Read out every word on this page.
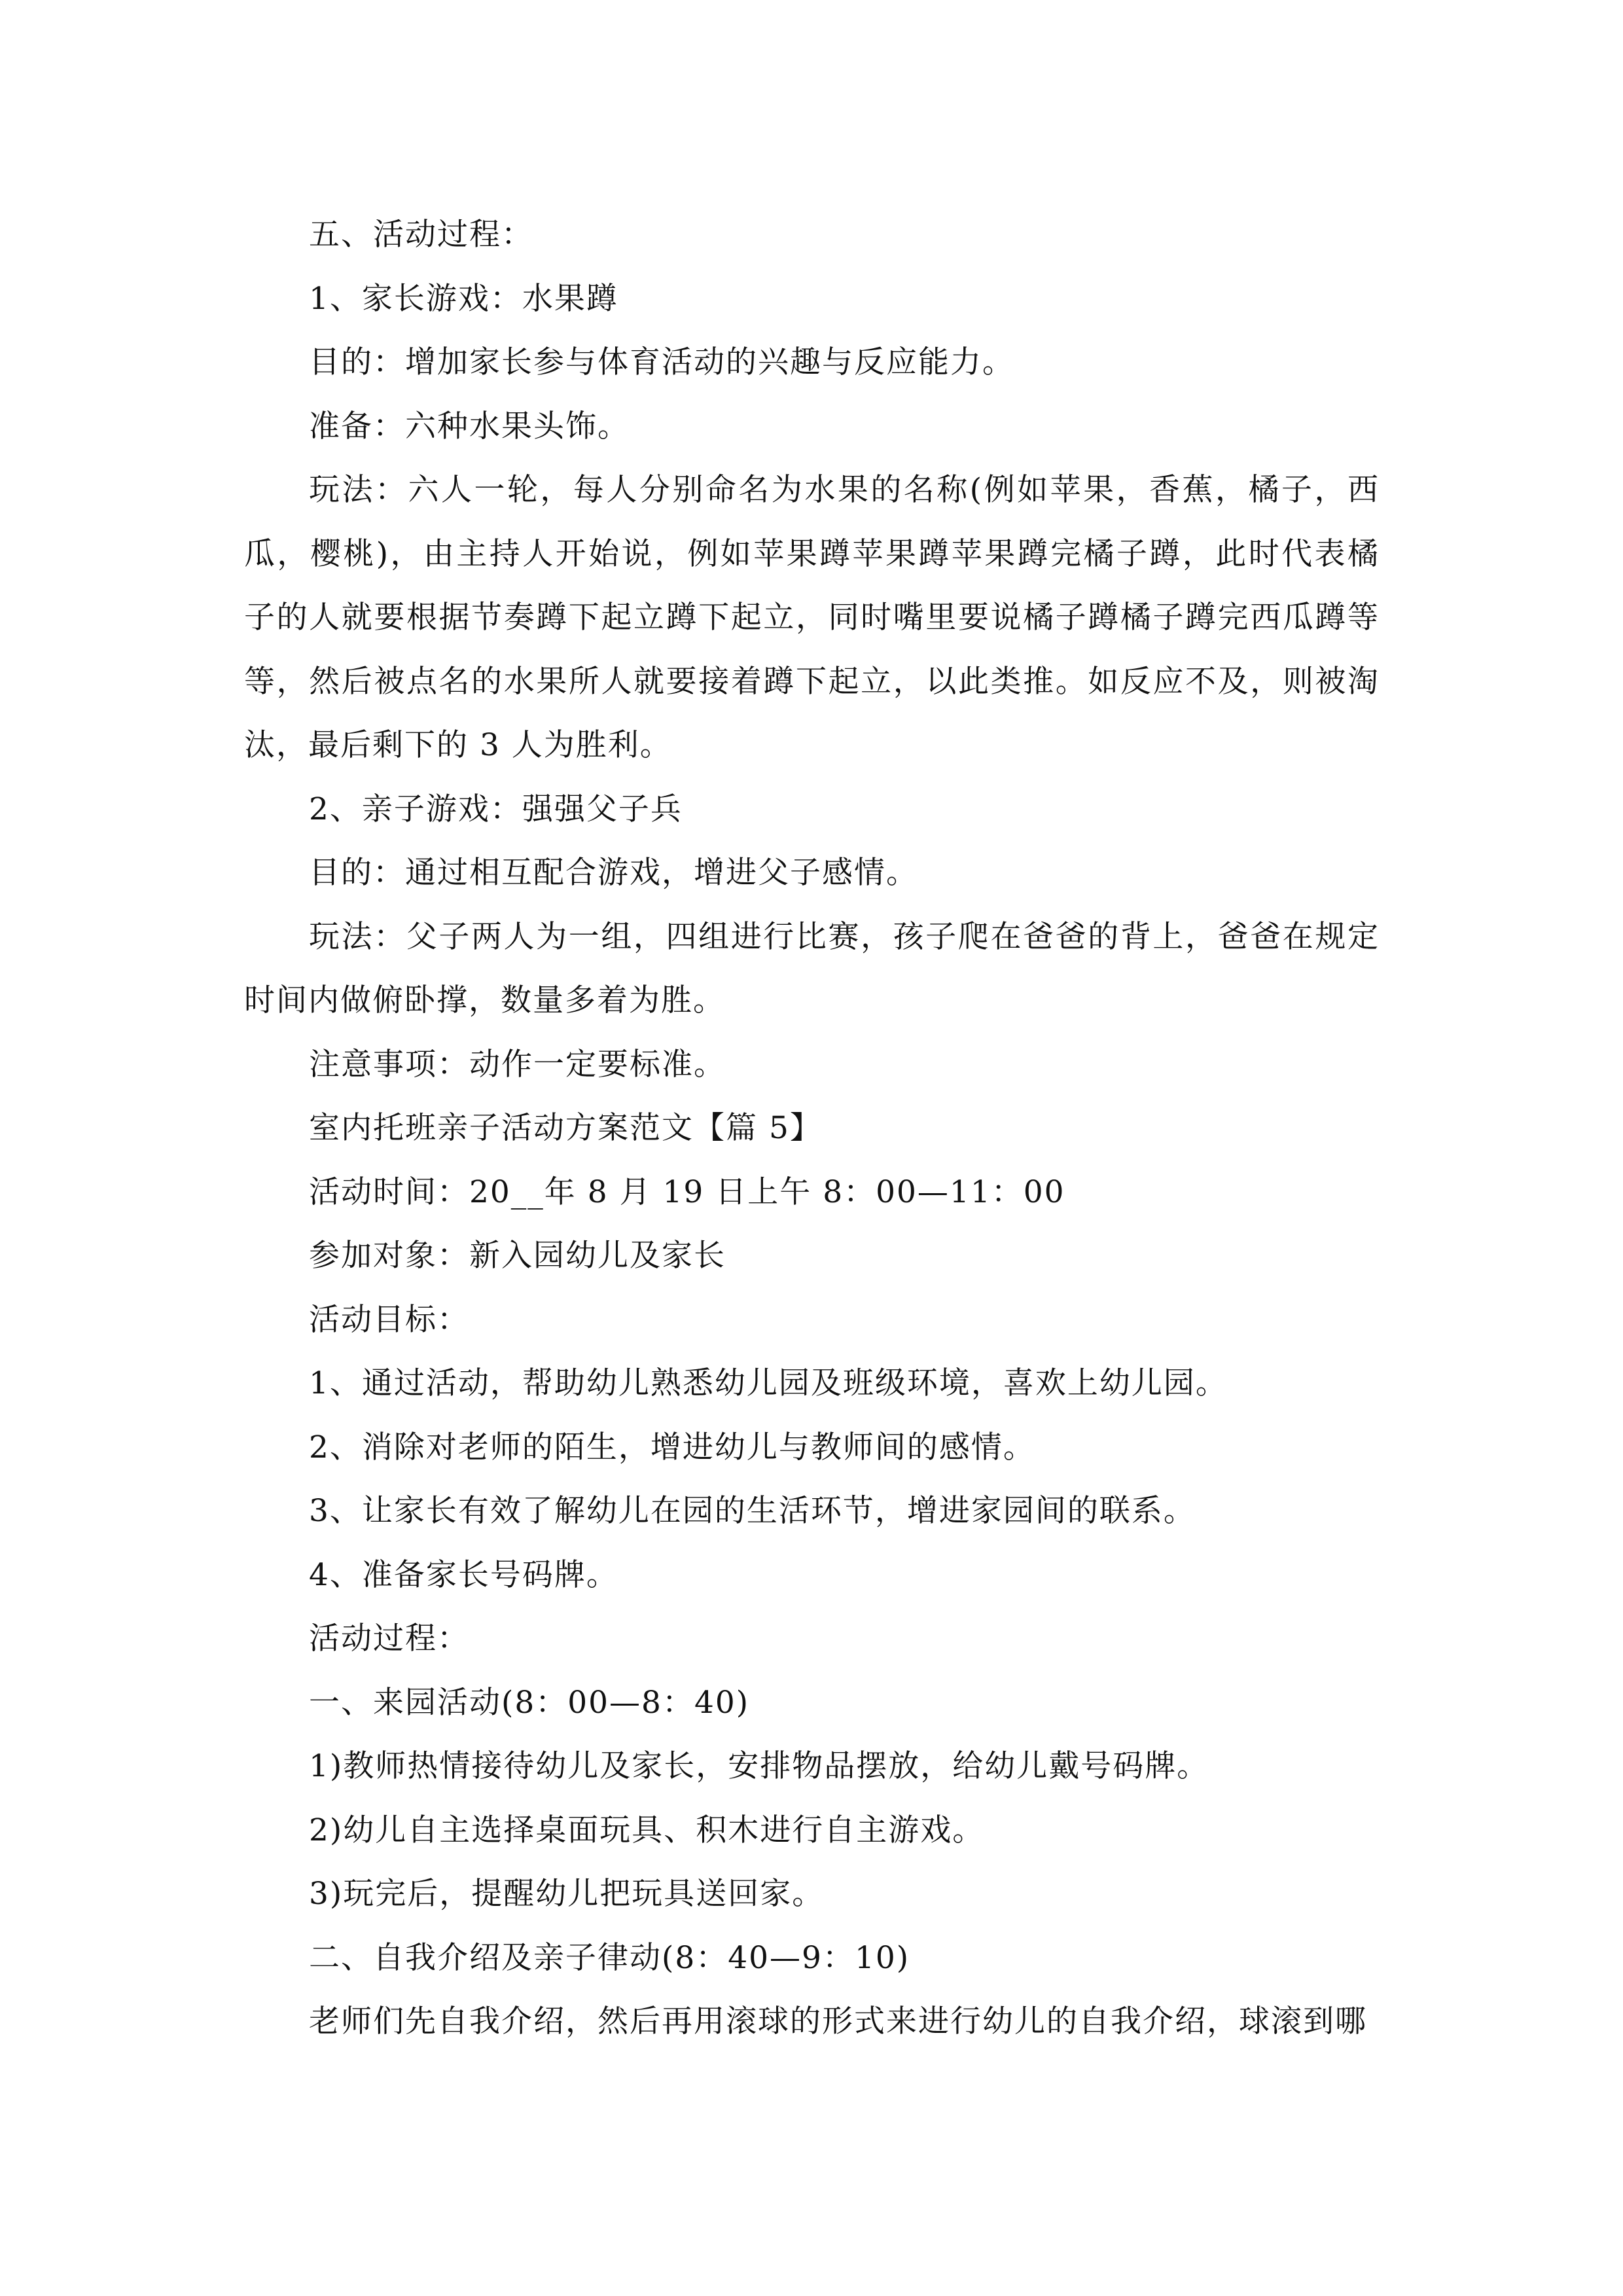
五、活动过程：

1、家长游戏：水果蹲

目的：增加家长参与体育活动的兴趣与反应能力。

准备：六种水果头饰。

玩法：六人一轮，每人分别命名为水果的名称(例如苹果，香蕉，橘子，西瓜，樱桃)，由主持人开始说，例如苹果蹲苹果蹲苹果蹲完橘子蹲，此时代表橘子的人就要根据节奏蹲下起立蹲下起立，同时嘴里要说橘子蹲橘子蹲完西瓜蹲等等，然后被点名的水果所人就要接着蹲下起立，以此类推。如反应不及，则被淘汰，最后剩下的 3 人为胜利。

2、亲子游戏：强强父子兵

目的：通过相互配合游戏，增进父子感情。

玩法：父子两人为一组，四组进行比赛，孩子爬在爸爸的背上，爸爸在规定时间内做俯卧撑，数量多着为胜。

注意事项：动作一定要标准。

室内托班亲子活动方案范文【篇 5】

活动时间：20__年 8 月 19 日上午 8：00—11：00

参加对象：新入园幼儿及家长

活动目标：

1、通过活动，帮助幼儿熟悉幼儿园及班级环境，喜欢上幼儿园。

2、消除对老师的陌生，增进幼儿与教师间的感情。

3、让家长有效了解幼儿在园的生活环节，增进家园间的联系。

4、准备家长号码牌。

活动过程：

一、来园活动(8：00—8：40)

1)教师热情接待幼儿及家长，安排物品摆放，给幼儿戴号码牌。

2)幼儿自主选择桌面玩具、积木进行自主游戏。

3)玩完后，提醒幼儿把玩具送回家。

二、自我介绍及亲子律动(8：40—9：10)

老师们先自我介绍，然后再用滚球的形式来进行幼儿的自我介绍，球滚到哪
